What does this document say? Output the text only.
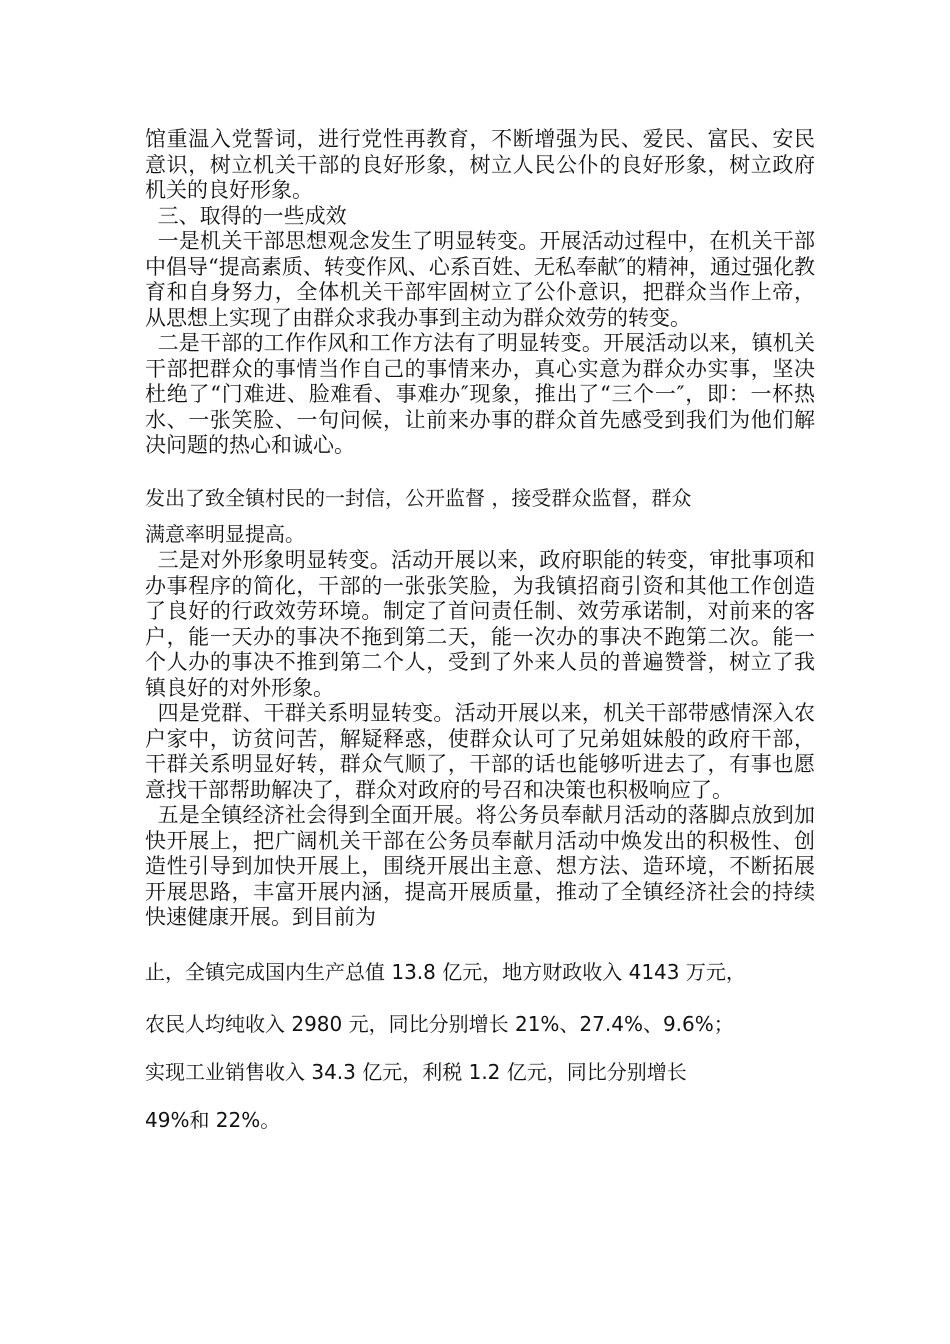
馆重温入党誓词，进行党性再教育，不断增强为民、爱民、富民、安民意识，树立机关干部的良好形象，树立人民公仆的良好形象，树立政府机关的良好形象。

三、取得的一些成效

一是机关干部思想观念发生了明显转变。开展活动过程中，在机关干部中倡导“提高素质、转变作风、心系百姓、无私奉献″的精神，通过强化教育和自身努力，全体机关干部牢固树立了公仆意识，把群众当作上帝，从思想上实现了由群众求我办事到主动为群众效劳的转变。

二是干部的工作作风和工作方法有了明显转变。开展活动以来，镇机关干部把群众的事情当作自己的事情来办，真心实意为群众办实事，坚决杜绝了“门难进、脸难看、事难办″现象，推出了“三个一″，即：一杯热水、一张笑脸、一句问候，让前来办事的群众首先感受到我们为他们解决问题的热心和诚心。

发出了致全镇村民的一封信，公开监督 ，接受群众监督，群众
满意率明显提高。

三是对外形象明显转变。活动开展以来，政府职能的转变，审批事项和办事程序的简化，干部的一张张笑脸，为我镇招商引资和其他工作创造了良好的行政效劳环境。制定了首问责任制、效劳承诺制，对前来的客户，能一天办的事决不拖到第二天，能一次办的事决不跑第二次。能一个人办的事决不推到第二个人，受到了外来人员的普遍赞誉，树立了我镇良好的对外形象。

四是党群、干群关系明显转变。活动开展以来，机关干部带感情深入农户家中，访贫问苦，解疑释惑，使群众认可了兄弟姐妹般的政府干部，干群关系明显好转，群众气顺了，干部的话也能够听进去了，有事也愿意找干部帮助解决了，群众对政府的号召和决策也积极响应了。

五是全镇经济社会得到全面开展。将公务员奉献月活动的落脚点放到加快开展上，把广阔机关干部在公务员奉献月活动中焕发出的积极性、创造性引导到加快开展上，围绕开展出主意、想方法、造环境，不断拓展开展思路，丰富开展内涵，提高开展质量，推动了全镇经济社会的持续快速健康开展。到目前为

止，全镇完成国内生产总值 13.8 亿元，地方财政收入 4143 万元，
农民人均纯收入 2980 元，同比分别增长 21%、27.4%、9.6%；
实现工业销售收入 34.3 亿元，利税 1.2 亿元，同比分别增长
49%和 22%。
